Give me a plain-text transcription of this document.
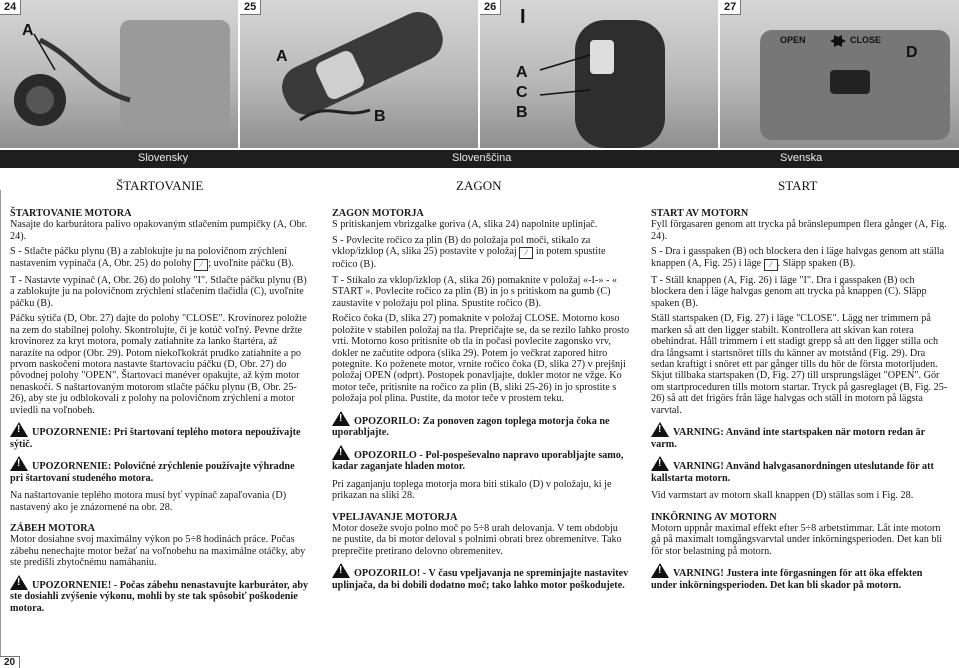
24
A
25
A
B
26 I
A
C
B
27
OPEN	CLOSE
D
Slovensky	Slovenščina	Svenska
ŠTARTOVANIE	ZAGON	START

ŠTARTOVANIE MOTORA

Nasajte do karburátora palivo opakovaným stlačením pumpičky (A, Obr. 24).

S - Stlačte páčku plynu (B) a zablokujte ju na polovičnom zrýchlení nastavením vypínača (A, Obr. 25) do polohy ⁄ ; uvoľnite páčku (B).

T - Nastavte vypínač (A, Obr. 26) do polohy "I". Stlačte páčku plynu (B) a zablokujte ju na polovičnom zrýchlení stlačením tlačidla (C), uvoľnite páčku (B).

Páčku sýtiča (D, Obr. 27) dajte do polohy "CLOSE". Krovinorez položte na zem do stabilnej polohy. Skontrolujte, či je kotúč voľný. Pevne držte krovinorez za kryt motora, pomaly zatiahnite za lanko štartéra, až narazíte na odpor (Obr. 29). Potom niekoľkokrát prudko zatiahnite a po prvom naskočení motora nastavte štartovaciu páčku (D, Obr. 27) do pôvodnej polohy "OPEN". Štartovací manéver opakujte, až kým motor nenaskočí. S naštartovaným motorom stlačte páčku plynu (B, Obr. 25-26), aby ste ju odblokovali z polohy na polovičnom zrýchlení a motor uviedli na voľnobeh.

!UPOZORNENIE: Pri štartovaní teplého motora nepoužívajte sýtič.

!UPOZORNENIE: Polovičné zrýchlenie používajte výhradne pri štartovaní studeného motora.

Na naštartovanie teplého motora musí byť vypínač zapaľovania (D) nastavený ako je znázornené na obr. 28.

ZÁBEH MOTORA

Motor dosiahne svoj maximálny výkon po 5÷8 hodinách práce. Počas zábehu nenechajte motor bežať na voľnobehu na maximálne otáčky, aby ste predišli zbytočnému namáhaniu.

!UPOZORNENIE! - Počas zábehu nenastavujte karburátor, aby ste dosiahli zvýšenie výkonu, mohli by ste tak spôsobiť poškodenie motora.

ZAGON MOTORJA

S pritiskanjem vbrizgalke goriva (A, slika 24) napolnite uplinjač.

S - Povlecite ročico za plin (B) do položaja pol moči, stikalo za vklop/izklop (A, slika 25) postavite v položaj ⁄ in potem spustite ročico (B).

T - Stikalo za vklop/izklop (A, slika 26) pomaknite v položaj «-I-» - « START ». Povlecite ročico za plin (B) in jo s pritiskom na gumb (C) zaustavite v položaju pol plina. Spustite ročico (B).

Ročico čoka (D, slika 27) pomaknite v položaj CLOSE. Motorno koso položite v stabilen položaj na tla. Prepričajte se, da se rezilo lahko prosto vrti. Motorno koso pritisnite ob tla in počasi povlecite zagonsko vrv, dokler ne začutite odpora (slika 29). Potem jo večkrat zapored hitro potegnite. Ko poženete motor, vrnite ročico čoka (D, slika 27) v prejšnji položaj OPEN (odprt). Postopek ponavljajte, dokler motor ne vžge. Ko motor teče, pritisnite na ročico za plin (B, sliki 25-26) in jo sprostite s položaja pol plina. Pustite, da motor teče v prostem teku.

!OPOZORILO: Za ponoven zagon toplega motorja čoka ne uporabljajte.

!OPOZORILO - Pol-pospeševalno napravo uporabljajte samo, kadar zaganjate hladen motor.

Pri zaganjanju toplega motorja mora biti stikalo (D) v položaju, ki je prikazan na sliki 28.

VPELJAVANJE MOTORJA

Motor doseže svojo polno moč po 5÷8 urah delovanja. V tem obdobju ne pustite, da bi motor deloval s polnimi obrati brez obremenitve. Tako preprečite pretirano delovno obremenitev.

!OPOZORILO! - V času vpeljavanja ne spreminjajte nastavitev uplinjača, da bi dobili dodatno moč; tako lahko motor poškodujete.

START AV MOTORN

Fyll förgasaren genom att trycka på bränslepumpen flera gånger (A, Fig. 24).

S - Dra i gasspaken (B) och blockera den i läge halvgas genom att ställa knappen (A, Fig. 25) i läge ⁄ . Släpp spaken (B).

T - Ställ knappen (A, Fig. 26) i läge "I". Dra i gasspaken (B) och blockera den i läge halvgas genom att trycka på knappen (C). Släpp spaken (B).

Ställ startspaken (D, Fig. 27) i läge "CLOSE". Lägg ner trimmern på marken så att den ligger stabilt. Kontrollera att skivan kan rotera obehindrat. Håll trimmern i ett stadigt grepp så att den ligger stilla och dra långsamt i startsnöret tills du känner av motstånd (Fig. 29). Dra sedan kraftigt i snöret ett par gånger tills du hör de första motorljuden. Skjut tillbaka startspaken (D, Fig. 27) till ursprungsläget "OPEN". Gör om startproceduren tills motorn startar. Tryck på gasreglaget (B, Fig. 25-26) så att det frigörs från läge halvgas och ställ in motorn på lägsta varvtal.

!VARNING: Använd inte startspaken när motorn redan är varm.

!VARNING! Använd halvgasanordningen uteslutande för att kallstarta motorn.

Vid varmstart av motorn skall knappen (D) ställas som i Fig. 28.

INKÖRNING AV MOTORN

Motorn uppnår maximal effekt efter 5÷8 arbetstimmar. Låt inte motorn gå på maximalt tomgångsvarvtal under inkörningsperioden. Det kan bli för stor belastning på motorn.

!VARNING! Justera inte förgasningen för att öka effekten under inkörningsperioden. Det kan bli skador på motorn.

20
